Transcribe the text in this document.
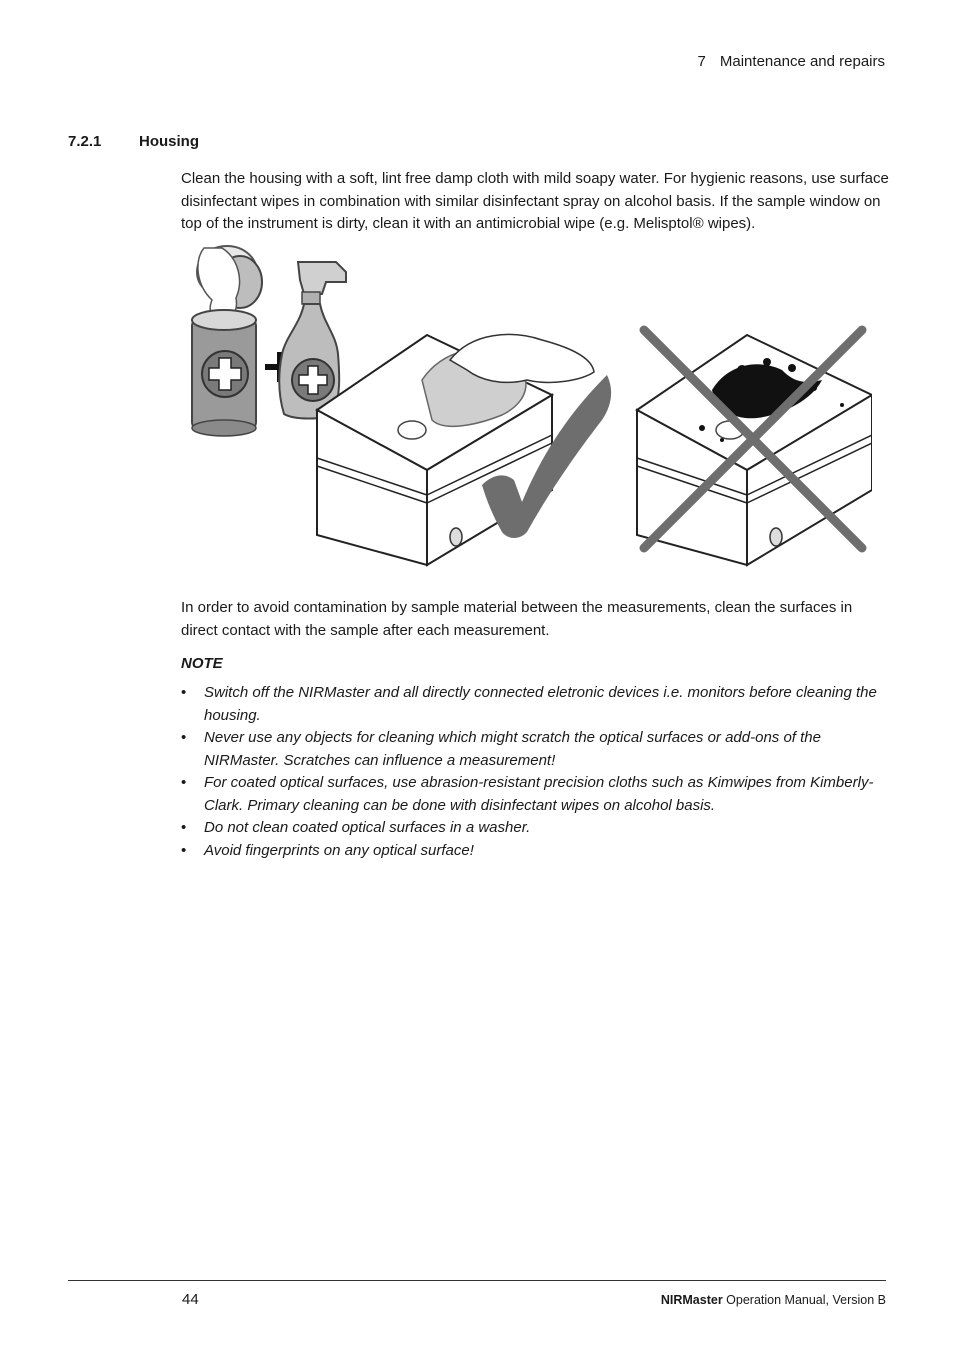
7 Maintenance and repairs
7.2.1	Housing

Clean the housing with a soft, lint free damp cloth with mild soapy water. For hygienic reasons, use surface disinfectant wipes in combination with similar disinfectant spray on alcohol basis. If the sample window on top of the instrument is dirty, clean it with an antimicrobial wipe (e.g. Melisptol® wipes).

In order to avoid contamination by sample material between the measurements, clean the surfaces in direct contact with the sample after each measurement.

NOTE
• Switch off the NIRMaster and all directly connected eletronic devices i.e. monitors before cleaning the housing.
• Never use any objects for cleaning which might scratch the optical surfaces or add-ons of the NIRMaster. Scratches can influence a measurement!
• For coated optical surfaces, use abrasion-resistant precision cloths such as Kimwipes from Kimberly-Clark. Primary cleaning can be done with disinfectant wipes on alcohol basis.
• Do not clean coated optical surfaces in a washer.
• Avoid fingerprints on any optical surface!
44	NIRMaster Operation Manual, Version B
